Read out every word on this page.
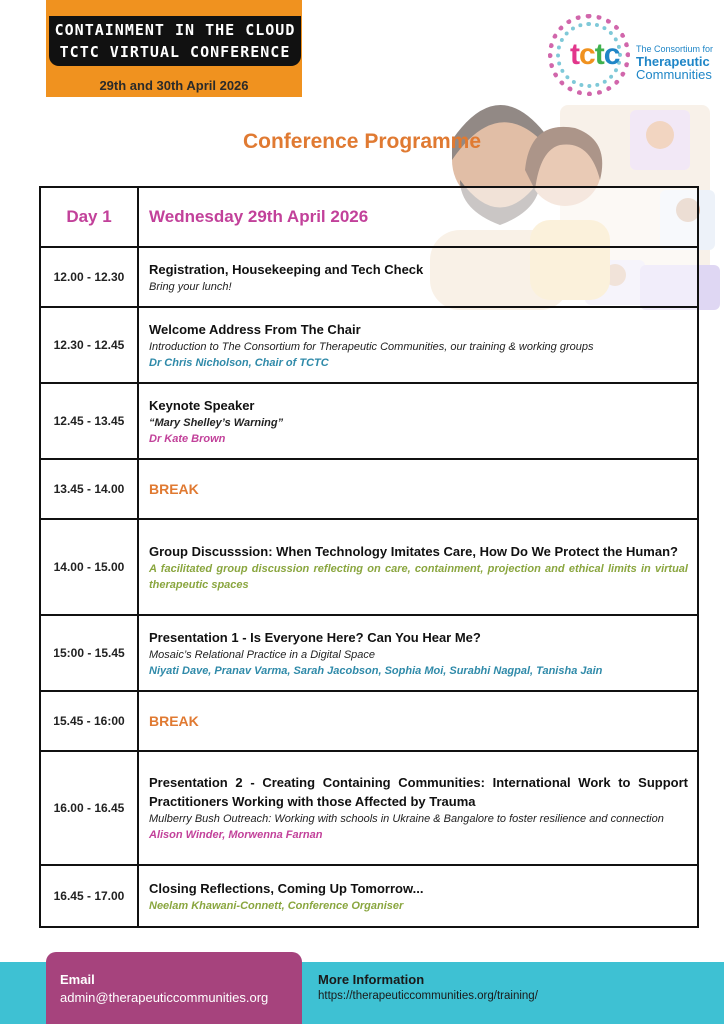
CONTAINMENT IN THE CLOUD
TCTC VIRTUAL CONFERENCE
29th and 30th April 2026
tctc The Consortium for
Therapeutic
Communities
Conference Programme
Day 1 Wednesday 29th April 2026
12.00 - 12.30
Registration, Housekeeping and Tech Check
Bring your lunch!
12.30 - 12.45
Welcome Address From The Chair
Introduction to The Consortium for Therapeutic Communities, our training & working groups
Dr Chris Nicholson, Chair of TCTC
12.45 - 13.45
Keynote Speaker
“Mary Shelley’s Warning”
Dr Kate Brown
13.45 - 14.00	BREAK
14.00 - 15.00
Group Discusssion: When Technology Imitates Care, How Do We Protect the Human?
A facilitated group discussion reflecting on care, containment, projection and ethical limits in virtual therapeutic spaces
15:00 - 15.45
Presentation 1 - Is Everyone Here? Can You Hear Me?
Mosaic’s Relational Practice in a Digital Space
Niyati Dave, Pranav Varma, Sarah Jacobson, Sophia Moi, Surabhi Nagpal, Tanisha Jain
15.45 - 16:00	BREAK
16.00 - 16.45
Presentation 2 - Creating Containing Communities: International Work to Support Practitioners Working with those Affected by Trauma
Mulberry Bush Outreach: Working with schools in Ukraine & Bangalore to foster resilience and connection
Alison Winder, Morwenna Farnan
16.45 - 17.00
Closing Reflections, Coming Up Tomorrow...
Neelam Khawani-Connett, Conference Organiser
Email
admin@therapeuticcommunities.org
More Information
https://therapeuticcommunities.org/training/
